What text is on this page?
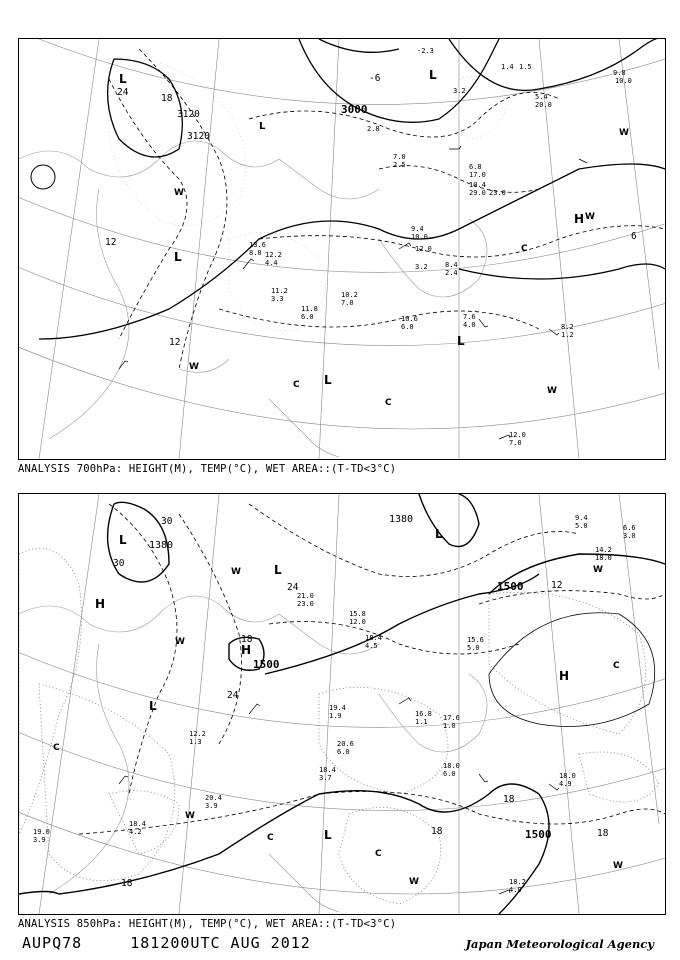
3000
3120
3120
24
18
12
12
-6
6
L
L
L
L
L
L
W
W
W
W
W
C
C
C
H
12.2
4.4
11.2
3.3	10.2
7.0
10.6
6.0
11.8
6.0	7.6
4.0	8.2
1.2
12.0
7.0
13.6
8.8
-2.3
1.4 1.5
3.2
2.8
7.0
2.5	6.8
17.0
10.4
29.0 23.0
9.4
10.0
12.0
3.2 8.4
2.4
5.4
20.0
9.8
10.0
ANALYSIS 700hPa: HEIGHT(M), TEMP(°C), WET AREA::(T-TD<3°C)
1380
1380
1500
1500
1500
30
30
24
24
18
18
18
18
18
12
L
L
L
L
L
H
H
H
C
C
C
C
W
W
W
W
W
W
21.0
23.0
15.8
12.0
18.4
4.5
19.4
1.9
20.6
6.0
18.4
3.7
18.0
6.0	18.0
4.9
18.2
4.0
19.0
3.9
12.2
1.3
20.4
3.9
18.4
4.2
14.2
18.0
15.6
5.0
16.8
1.1 17.6
1.0
9.4
5.0	6.6
3.0
ANALYSIS 850hPa: HEIGHT(M), TEMP(°C), WET AREA::(T-TD<3°C)
AUPQ78	181200UTC AUG 2012	Japan Meteorological Agency
